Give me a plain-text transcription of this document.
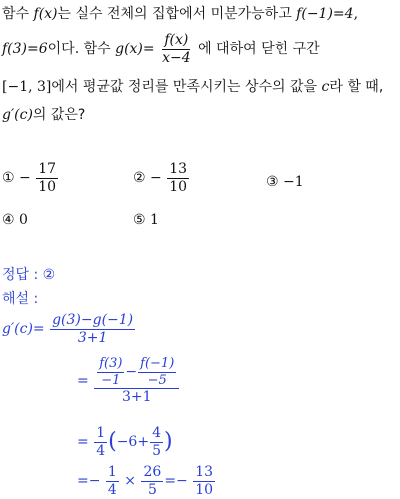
함수 f(x)는 실수 전체의 집합에서 미분가능하고 f(−1)=4,
f(3)=6이다. 함수 $g(x)= \frac{f(x)}{x-4}$ 에 대하여 닫힌 구간
[−1, 3]에서 평균값 정리를 만족시키는 상수의 값을 c라 할 때,
g′(c)의 값은?
① − $\frac{17}{10}$	② − $\frac{13}{10}$	③ −1
④ 0	⑤ 1
정답 : ②
해설 :
$g'(c)= \frac{g(3)-g(-1)}{3+1}$
= $\frac{\frac{f(3)}{-1} - \frac{f(-1)}{-5}}{3+1}$
= $\frac{1}{4} (-6+ \frac{4}{5}$ )
=− $\frac{1}{4} \times \frac{26}{5} =- \frac{13}{10}$
